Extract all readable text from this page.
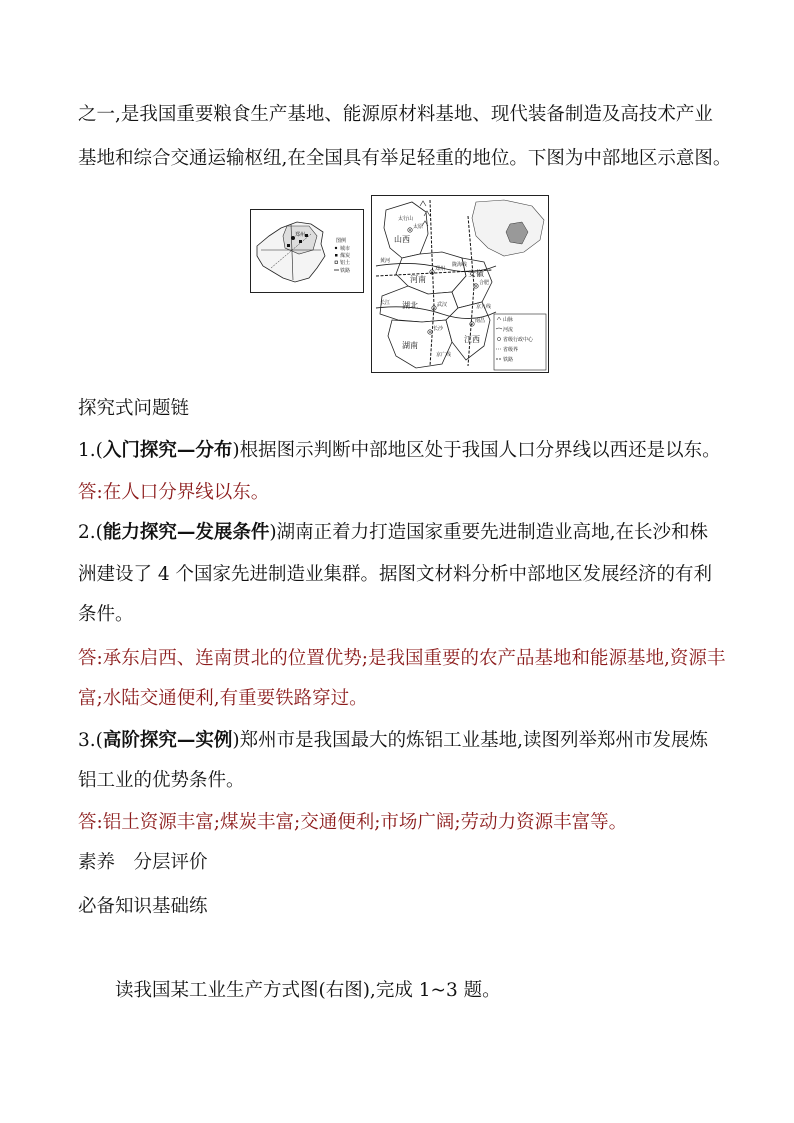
之一,是我国重要粮食生产基地、能源原材料基地、现代装备制造及高技术产业
基地和综合交通运输枢纽,在全国具有举足轻重的地位。下图为中部地区示意图。
郑州
图例
城市
煤炭
铝土
铁路
山西
河南
湖北
湖南
安徽
江西
太原
郑州
武汉
长沙
合肥
南昌
黄河
长江
陇海线
京广线
京九线
太行山
山脉
河流
省级行政中心
省级界
铁路
探究式问题链
1.(入门探究—分布)根据图示判断中部地区处于我国人口分界线以西还是以东。
答:在人口分界线以东。
2.(能力探究—发展条件)湖南正着力打造国家重要先进制造业高地,在长沙和株
洲建设了 4 个国家先进制造业集群。据图文材料分析中部地区发展经济的有利
条件。
答:承东启西、连南贯北的位置优势;是我国重要的农产品基地和能源基地,资源丰
富;水陆交通便利,有重要铁路穿过。
3.(高阶探究—实例)郑州市是我国最大的炼铝工业基地,读图列举郑州市发展炼
铝工业的优势条件。
答:铝土资源丰富;煤炭丰富;交通便利;市场广阔;劳动力资源丰富等。
素养　分层评价
必备知识基础练
读我国某工业生产方式图(右图),完成 1~3 题。
